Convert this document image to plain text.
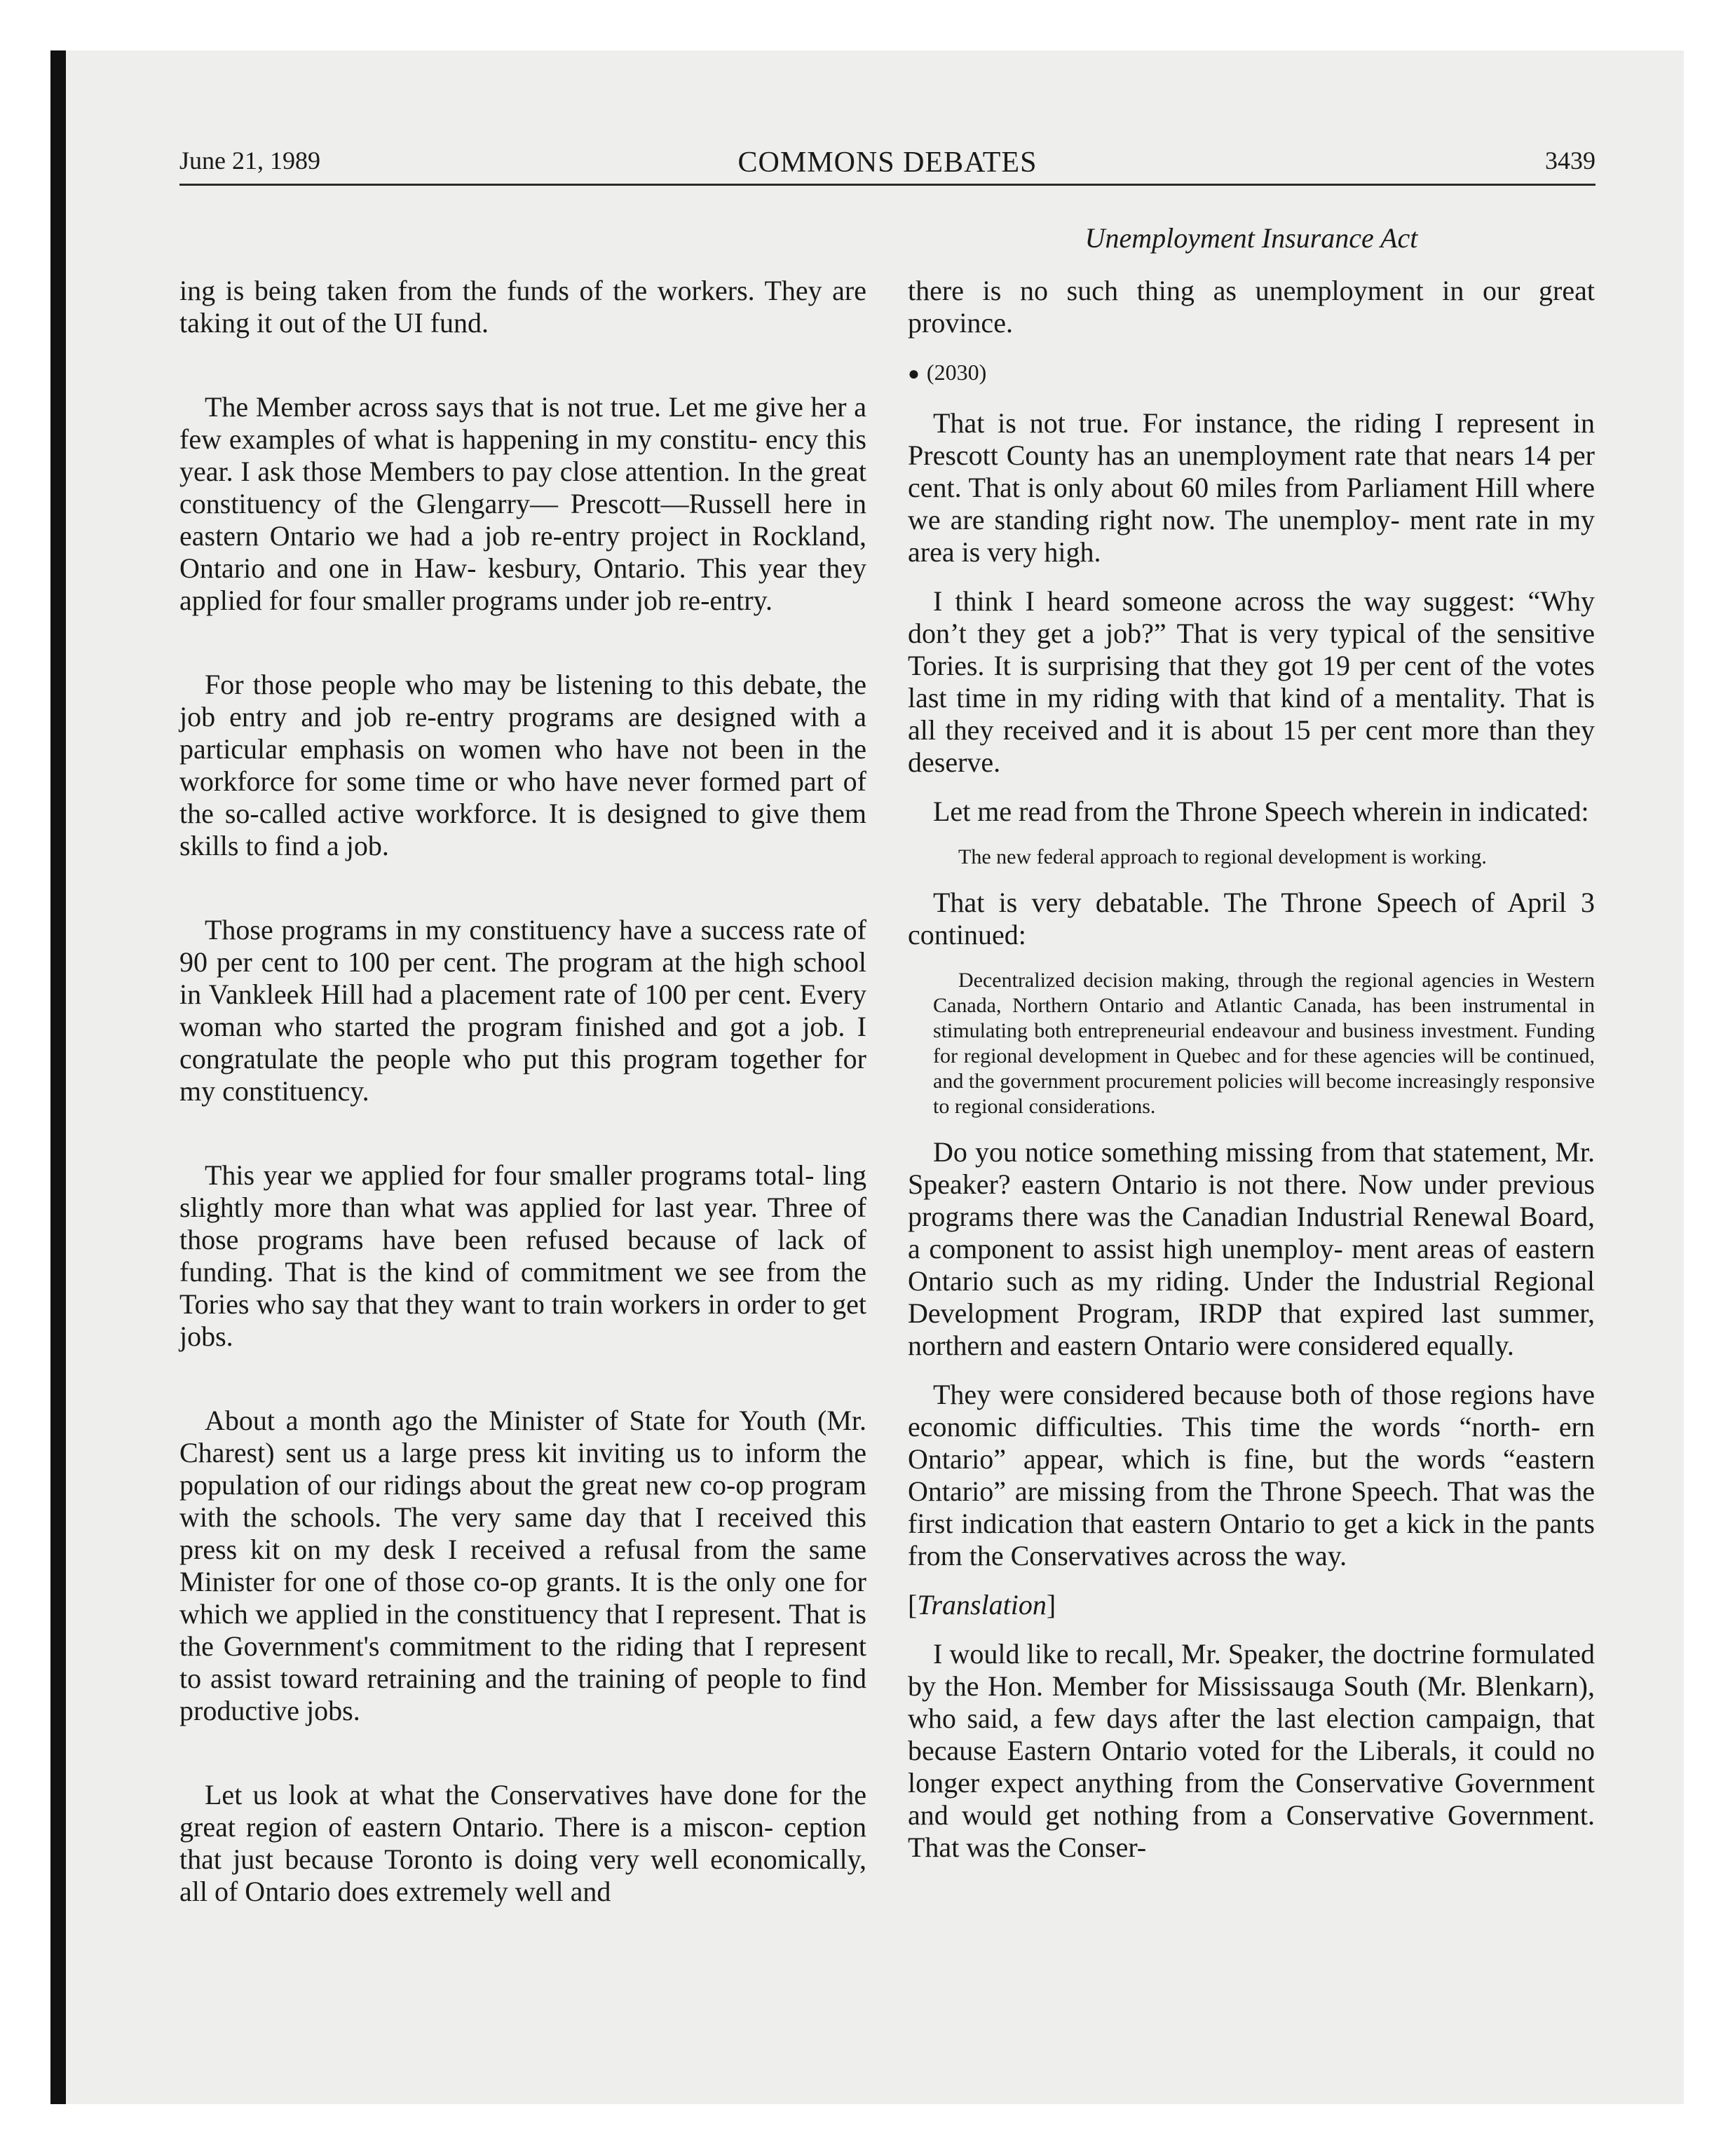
June 21, 1989	COMMONS DEBATES	3439
Unemployment Insurance Act

ing is being taken from the funds of the workers. They are taking it out of the UI fund.

The Member across says that is not true. Let me give her a few examples of what is happening in my constitu- ency this year. I ask those Members to pay close attention. In the great constituency of the Glengarry— Prescott—Russell here in eastern Ontario we had a job re-entry project in Rockland, Ontario and one in Haw- kesbury, Ontario. This year they applied for four smaller programs under job re-entry.

For those people who may be listening to this debate, the job entry and job re-entry programs are designed with a particular emphasis on women who have not been in the workforce for some time or who have never formed part of the so-called active workforce. It is designed to give them skills to find a job.

Those programs in my constituency have a success rate of 90 per cent to 100 per cent. The program at the high school in Vankleek Hill had a placement rate of 100 per cent. Every woman who started the program finished and got a job. I congratulate the people who put this program together for my constituency.

This year we applied for four smaller programs total- ling slightly more than what was applied for last year. Three of those programs have been refused because of lack of funding. That is the kind of commitment we see from the Tories who say that they want to train workers in order to get jobs.

About a month ago the Minister of State for Youth (Mr. Charest) sent us a large press kit inviting us to inform the population of our ridings about the great new co-op program with the schools. The very same day that I received this press kit on my desk I received a refusal from the same Minister for one of those co-op grants. It is the only one for which we applied in the constituency that I represent. That is the Government's commitment to the riding that I represent to assist toward retraining and the training of people to find productive jobs.

Let us look at what the Conservatives have done for the great region of eastern Ontario. There is a miscon- ception that just because Toronto is doing very well economically, all of Ontario does extremely well and

there is no such thing as unemployment in our great province.

● (2030)

That is not true. For instance, the riding I represent in Prescott County has an unemployment rate that nears 14 per cent. That is only about 60 miles from Parliament Hill where we are standing right now. The unemploy- ment rate in my area is very high.

I think I heard someone across the way suggest: “Why don’t they get a job?” That is very typical of the sensitive Tories. It is surprising that they got 19 per cent of the votes last time in my riding with that kind of a mentality. That is all they received and it is about 15 per cent more than they deserve.

Let me read from the Throne Speech wherein in indicated:

The new federal approach to regional development is working.

That is very debatable. The Throne Speech of April 3 continued:

Decentralized decision making, through the regional agencies in Western Canada, Northern Ontario and Atlantic Canada, has been instrumental in stimulating both entrepreneurial endeavour and business investment. Funding for regional development in Quebec and for these agencies will be continued, and the government procurement policies will become increasingly responsive to regional considerations.

Do you notice something missing from that statement, Mr. Speaker? eastern Ontario is not there. Now under previous programs there was the Canadian Industrial Renewal Board, a component to assist high unemploy- ment areas of eastern Ontario such as my riding. Under the Industrial Regional Development Program, IRDP that expired last summer, northern and eastern Ontario were considered equally.

They were considered because both of those regions have economic difficulties. This time the words “north- ern Ontario” appear, which is fine, but the words “eastern Ontario” are missing from the Throne Speech. That was the first indication that eastern Ontario to get a kick in the pants from the Conservatives across the way.

[Translation]

I would like to recall, Mr. Speaker, the doctrine formulated by the Hon. Member for Mississauga South (Mr. Blenkarn), who said, a few days after the last election campaign, that because Eastern Ontario voted for the Liberals, it could no longer expect anything from the Conservative Government and would get nothing from a Conservative Government. That was the Conser-
